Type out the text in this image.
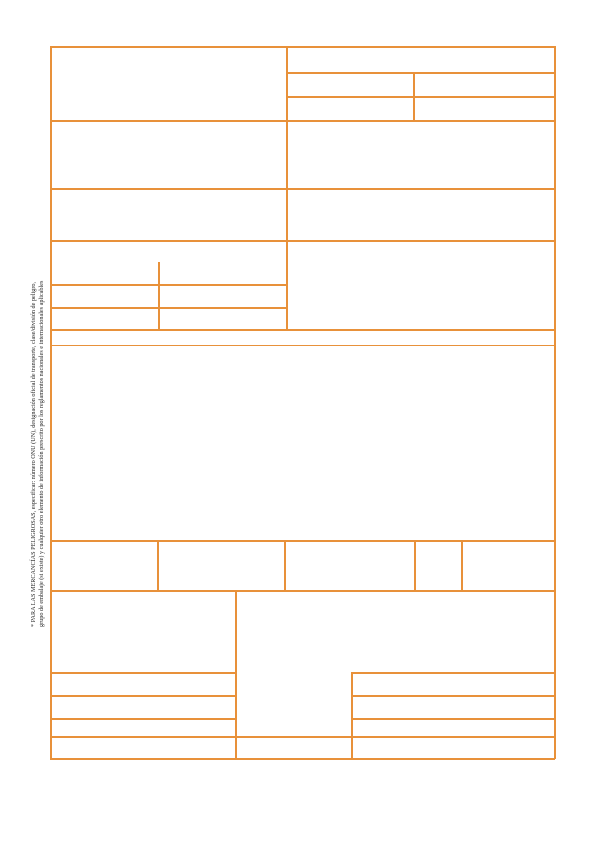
* PARA LAS MERCANCÍAS PELIGROSAS, especificar: número ONU (UN), designación oficial de transporte, clase/división de peligro, grupo de embalaje (si existe) y cualquier otro elemento de información prescrito por los reglamentos nacionales e internacionales aplicables
